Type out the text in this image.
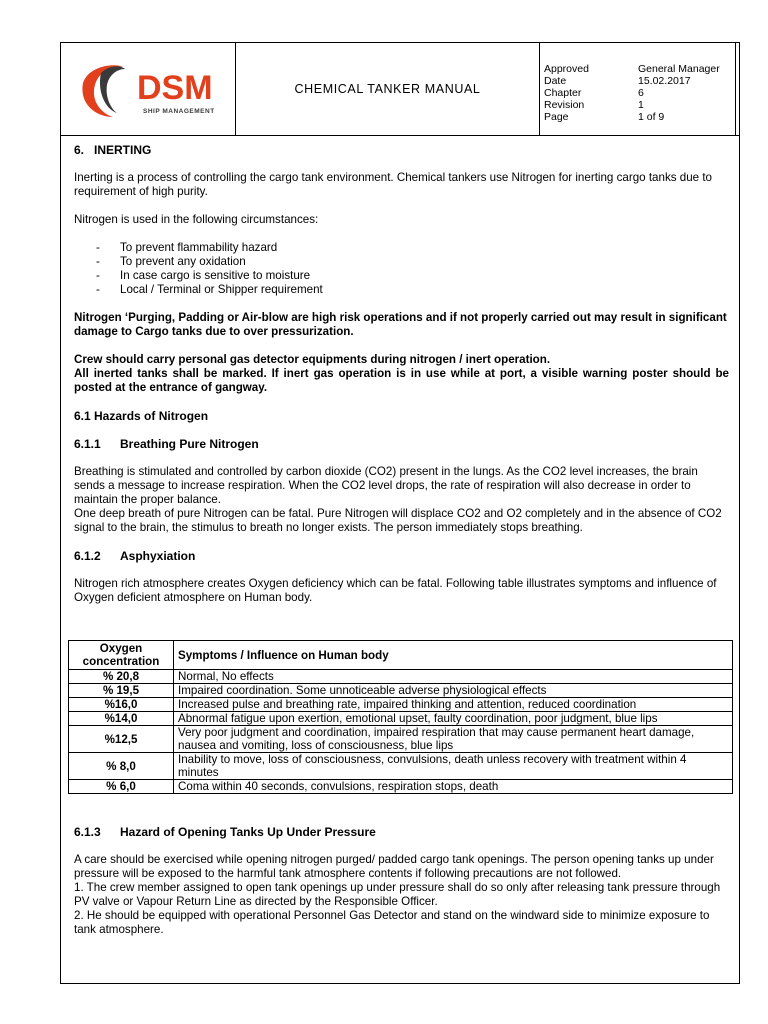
DSM
SHIP MANAGEMENT
CHEMICAL TANKER MANUAL
Approved	General Manager
Date	15.02.2017
Chapter	6
Revision	1
Page	1 of 9

6.   INERTING

Inerting is a process of controlling the cargo tank environment. Chemical tankers use Nitrogen for inerting cargo tanks due to requirement of high purity.

Nitrogen is used in the following circumstances:

-	To prevent flammability hazard
-	To prevent any oxidation
-	In case cargo is sensitive to moisture
-	Local / Terminal or Shipper requirement

Nitrogen ‘Purging, Padding or Air-blow are high risk operations and if not properly carried out may result in significant damage to Cargo tanks due to over pressurization.

Crew should carry personal gas detector equipments during nitrogen / inert operation.

All inerted tanks shall be marked. If inert gas operation is in use while at port, a visible warning poster should be posted at the entrance of gangway.

6.1 Hazards of Nitrogen

6.1.1	Breathing Pure Nitrogen

Breathing is stimulated and controlled by carbon dioxide (CO2) present in the lungs. As the CO2 level increases, the brain sends a message to increase respiration. When the CO2 level drops, the rate of respiration will also decrease in order to maintain the proper balance.

One deep breath of pure Nitrogen can be fatal. Pure Nitrogen will displace CO2 and O2 completely and in the absence of CO2 signal to the brain, the stimulus to breath no longer exists. The person immediately stops breathing.

6.1.2	Asphyxiation

Nitrogen rich atmosphere creates Oxygen deficiency which can be fatal. Following table illustrates symptoms and influence of Oxygen deficient atmosphere on Human body.

Oxygen concentration	Symptoms / Influence on Human body
% 20,8	Normal, No effects
% 19,5	Impaired coordination. Some unnoticeable adverse physiological effects
%16,0	Increased pulse and breathing rate, impaired thinking and attention, reduced coordination
%14,0	Abnormal fatigue upon exertion, emotional upset, faulty coordination, poor judgment, blue lips
%12,5	Very poor judgment and coordination, impaired respiration that may cause permanent heart damage, nausea and vomiting, loss of consciousness, blue lips
% 8,0	Inability to move, loss of consciousness, convulsions, death unless recovery with treatment within 4 minutes
% 6,0	Coma within 40 seconds, convulsions, respiration stops, death
6.1.3	Hazard of Opening Tanks Up Under Pressure

A care should be exercised while opening nitrogen purged/ padded cargo tank openings. The person opening tanks up under pressure will be exposed to the harmful tank atmosphere contents if following precautions are not followed.

1. The crew member assigned to open tank openings up under pressure shall do so only after releasing tank pressure through PV valve or Vapour Return Line as directed by the Responsible Officer.

2. He should be equipped with operational Personnel Gas Detector and stand on the windward side to minimize exposure to tank atmosphere.
